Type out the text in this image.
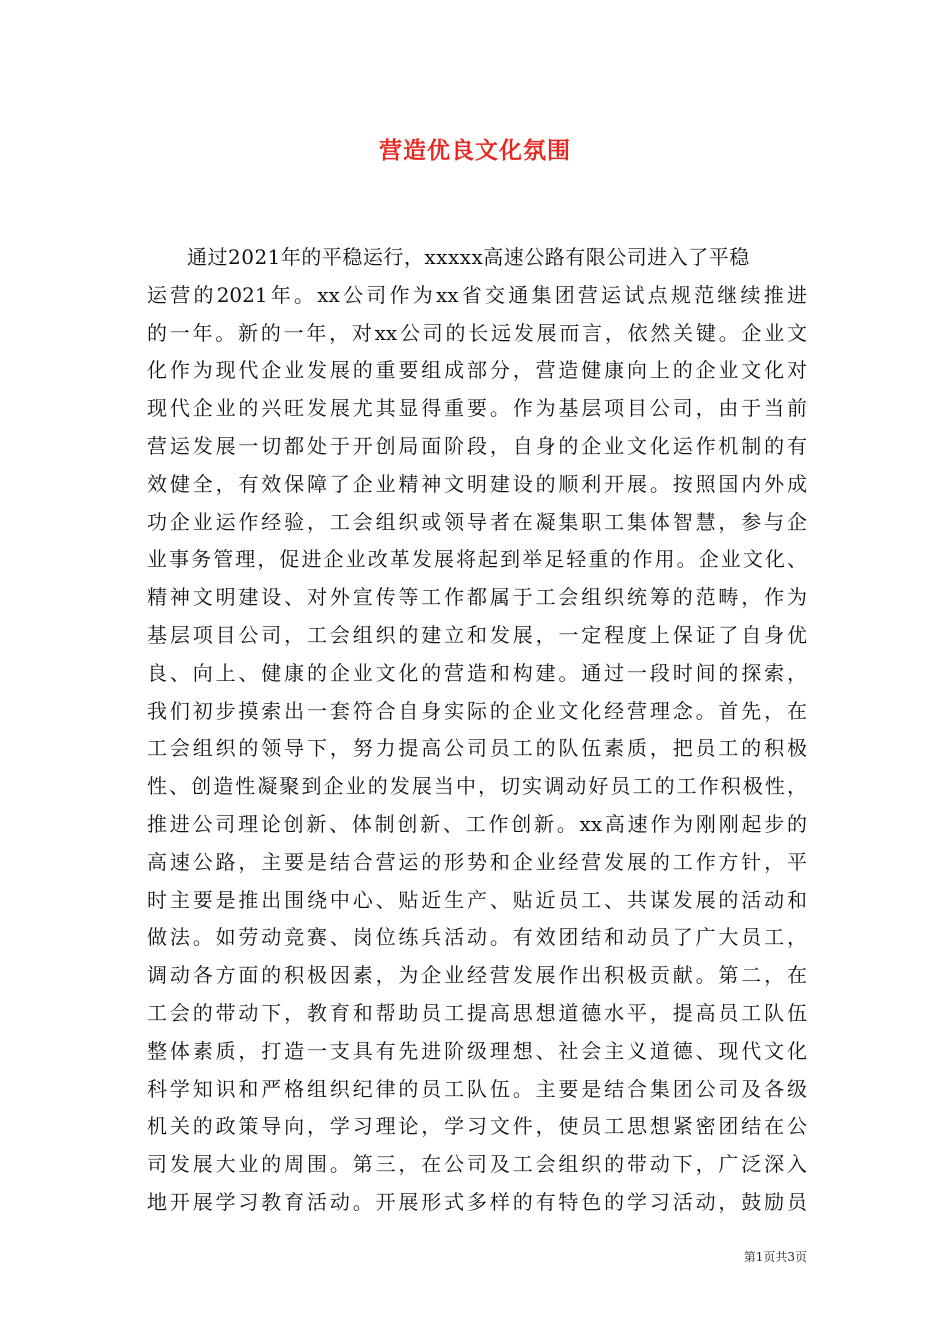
营造优良文化氛围
通过2021年的平稳运行，xxxxx高速公路有限公司进入了平稳
运营的2021年。xx公司作为xx省交通集团营运试点规范继续推进
的一年。新的一年，对xx公司的长远发展而言，依然关键。企业文
化作为现代企业发展的重要组成部分，营造健康向上的企业文化对
现代企业的兴旺发展尤其显得重要。作为基层项目公司，由于当前
营运发展一切都处于开创局面阶段，自身的企业文化运作机制的有
效健全，有效保障了企业精神文明建设的顺利开展。按照国内外成
功企业运作经验，工会组织或领导者在凝集职工集体智慧，参与企
业事务管理，促进企业改革发展将起到举足轻重的作用。企业文化、
精神文明建设、对外宣传等工作都属于工会组织统筹的范畴，作为
基层项目公司，工会组织的建立和发展，一定程度上保证了自身优
良、向上、健康的企业文化的营造和构建。通过一段时间的探索，
我们初步摸索出一套符合自身实际的企业文化经营理念。首先，在
工会组织的领导下，努力提高公司员工的队伍素质，把员工的积极
性、创造性凝聚到企业的发展当中，切实调动好员工的工作积极性，
推进公司理论创新、体制创新、工作创新。xx高速作为刚刚起步的
高速公路，主要是结合营运的形势和企业经营发展的工作方针，平
时主要是推出围绕中心、贴近生产、贴近员工、共谋发展的活动和
做法。如劳动竞赛、岗位练兵活动。有效团结和动员了广大员工，
调动各方面的积极因素，为企业经营发展作出积极贡献。第二，在
工会的带动下，教育和帮助员工提高思想道德水平，提高员工队伍
整体素质，打造一支具有先进阶级理想、社会主义道德、现代文化
科学知识和严格组织纪律的员工队伍。主要是结合集团公司及各级
机关的政策导向，学习理论，学习文件，使员工思想紧密团结在公
司发展大业的周围。第三，在公司及工会组织的带动下，广泛深入
地开展学习教育活动。开展形式多样的有特色的学习活动，鼓励员
第1页共3页
